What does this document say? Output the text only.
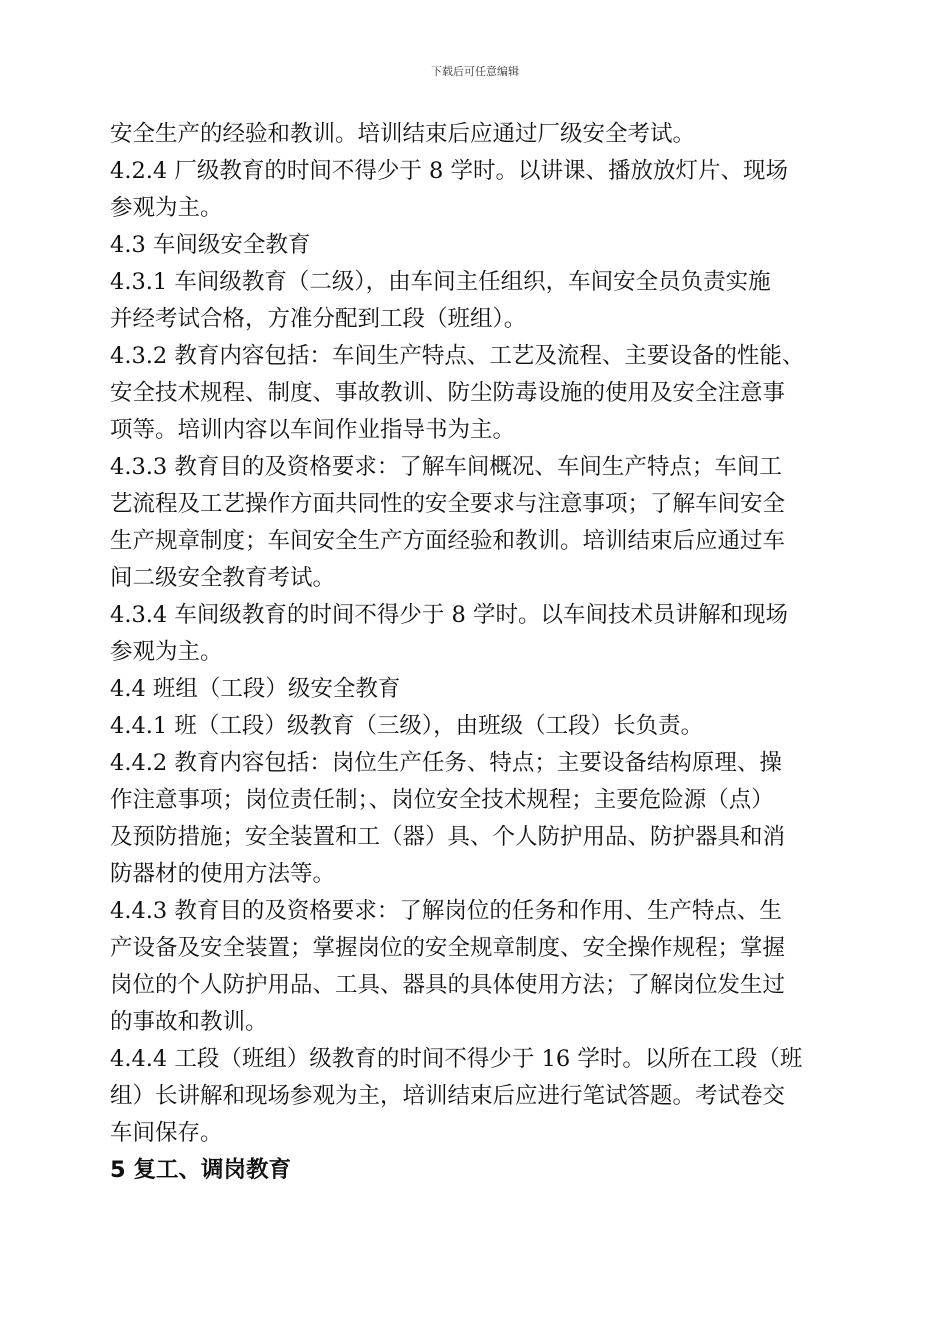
下载后可任意编辑
安全生产的经验和教训。培训结束后应通过厂级安全考试。
4.2.4 厂级教育的时间不得少于 8 学时。以讲课、播放放灯片、现场
参观为主。
4.3 车间级安全教育
4.3.1 车间级教育（二级），由车间主任组织，车间安全员负责实施
并经考试合格，方准分配到工段（班组）。
4.3.2 教育内容包括：车间生产特点、工艺及流程、主要设备的性能、
安全技术规程、制度、事故教训、防尘防毒设施的使用及安全注意事
项等。培训内容以车间作业指导书为主。
4.3.3 教育目的及资格要求：了解车间概况、车间生产特点；车间工
艺流程及工艺操作方面共同性的安全要求与注意事项；了解车间安全
生产规章制度；车间安全生产方面经验和教训。培训结束后应通过车
间二级安全教育考试。
4.3.4 车间级教育的时间不得少于 8 学时。以车间技术员讲解和现场
参观为主。
4.4 班组（工段）级安全教育
4.4.1 班（工段）级教育（三级），由班级（工段）长负责。
4.4.2 教育内容包括：岗位生产任务、特点；主要设备结构原理、操
作注意事项；岗位责任制；、岗位安全技术规程；主要危险源（点）
及预防措施；安全装置和工（器）具、个人防护用品、防护器具和消
防器材的使用方法等。
4.4.3 教育目的及资格要求：了解岗位的任务和作用、生产特点、生
产设备及安全装置；掌握岗位的安全规章制度、安全操作规程；掌握
岗位的个人防护用品、工具、器具的具体使用方法；了解岗位发生过
的事故和教训。
4.4.4 工段（班组）级教育的时间不得少于 16 学时。以所在工段（班
组）长讲解和现场参观为主，培训结束后应进行笔试答题。考试卷交
车间保存。
5 复工、调岗教育
